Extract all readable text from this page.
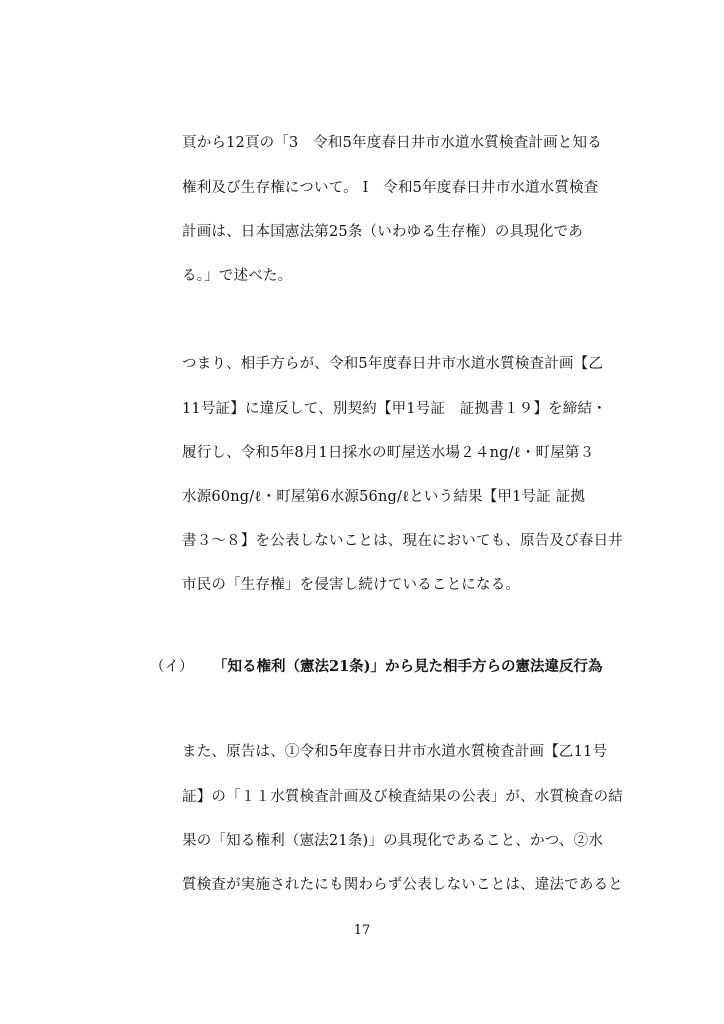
頁から12頁の「3　令和5年度春日井市水道水質検査計画と知る
権利及び生存権について。 I　令和5年度春日井市水道水質検査
計画は、日本国憲法第25条（いわゆる生存権）の具現化であ
る。」で述べた。
つまり、相手方らが、令和5年度春日井市水道水質検査計画【乙
11号証】に違反して、別契約【甲1号証　証拠書１９】を締結・
履行し、令和5年8月1日採水の町屋送水場２４ng/ℓ・町屋第３
水源60ng/ℓ・町屋第6水源56ng/ℓという結果【甲1号証 証拠
書３～８】を公表しないことは、現在においても、原告及び春日井
市民の「生存権」を侵害し続けていることになる。
（イ） 「知る権利（憲法21条)」から見た相手方らの憲法違反行為
また、原告は、①令和5年度春日井市水道水質検査計画【乙11号
証】の「１１水質検査計画及び検査結果の公表」が、水質検査の結
果の「知る権利（憲法21条)」の具現化であること、かつ、②水
質検査が実施されたにも関わらず公表しないことは、違法であると
17
